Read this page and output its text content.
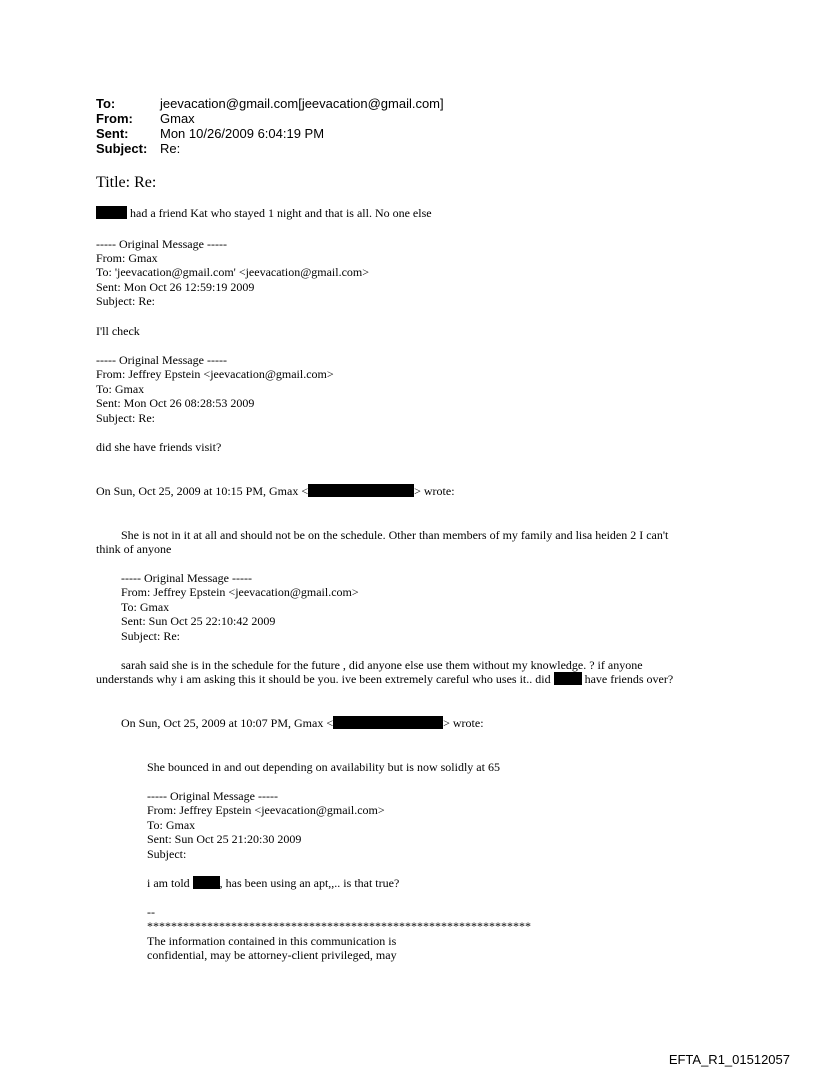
To:	jeevacation@gmail.com[jeevacation@gmail.com]
From: Gmax
Sent: Mon 10/26/2009 6:04:19 PM
Subject: Re:
Title: Re:
had a friend Kat who stayed 1 night and that is all. No one else
----- Original Message -----
From: Gmax
To: 'jeevacation@gmail.com' <jeevacation@gmail.com>
Sent: Mon Oct 26 12:59:19 2009
Subject: Re:
I'll check
----- Original Message -----
From: Jeffrey Epstein <jeevacation@gmail.com>
To: Gmax
Sent: Mon Oct 26 08:28:53 2009
Subject: Re:
did she have friends visit?
On Sun, Oct 25, 2009 at 10:15 PM, Gmax <	> wrote:
She is not in it at all and should not be on the schedule. Other than members of my family and lisa heiden 2 I can't
think of anyone
----- Original Message -----
From: Jeffrey Epstein <jeevacation@gmail.com>
To: Gmax
Sent: Sun Oct 25 22:10:42 2009
Subject: Re:
sarah said she is in the schedule for the future , did anyone else use them without my knowledge. ? if anyone
understands why i am asking this it should be you. ive been extremely careful who uses it.. did	have friends over?
On Sun, Oct 25, 2009 at 10:07 PM, Gmax <	> wrote:
She bounced in and out depending on availability but is now solidly at 65
----- Original Message -----
From: Jeffrey Epstein <jeevacation@gmail.com>
To: Gmax
Sent: Sun Oct 25 21:20:30 2009
Subject:
i am told	, has been using an apt,,.. is that true?
--
****************************************************************
The information contained in this communication is
confidential, may be attorney-client privileged, may
EFTA_R1_01512057
